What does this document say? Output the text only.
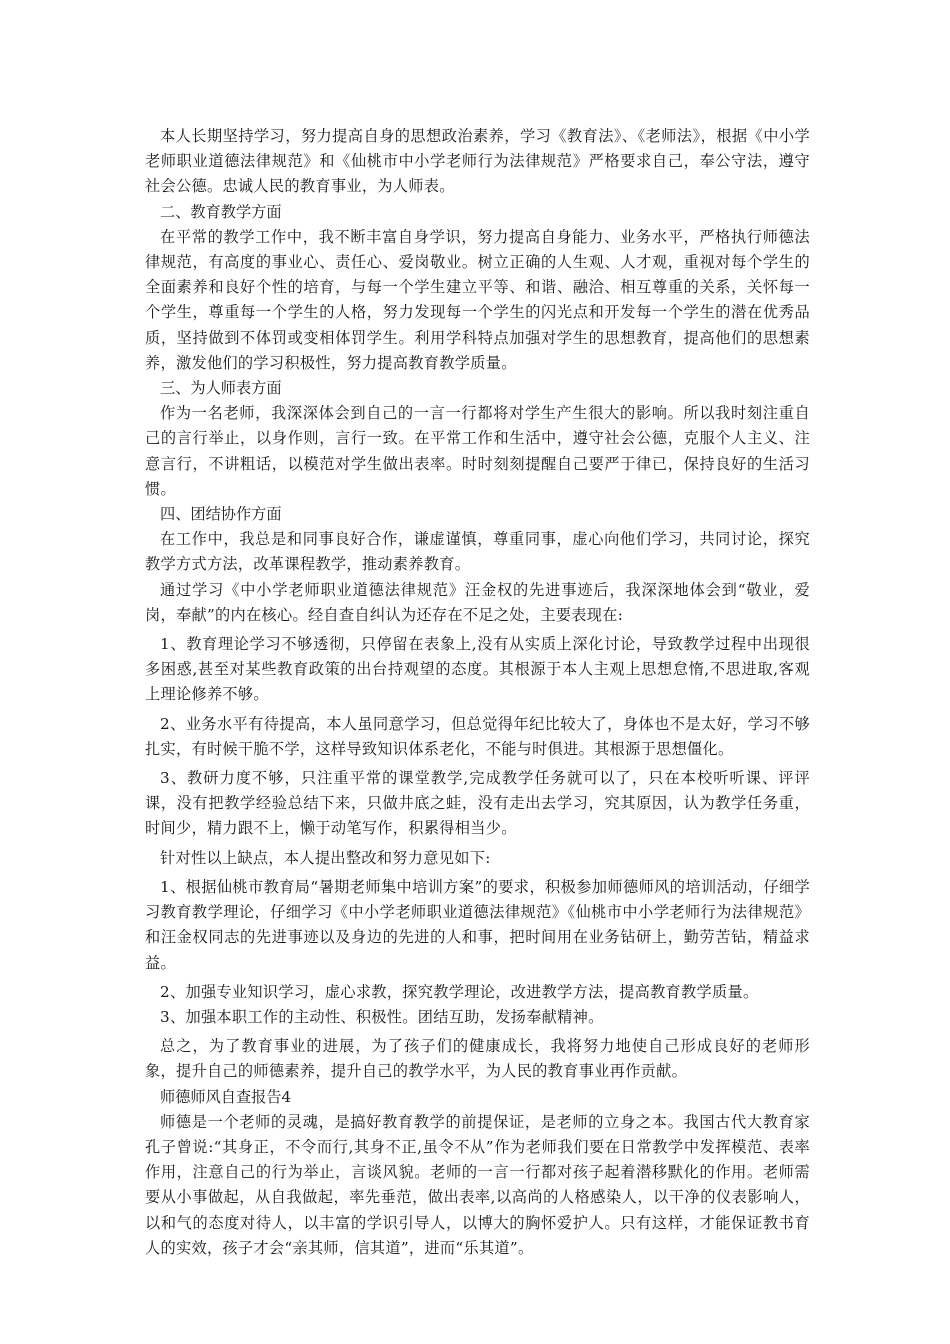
本人长期坚持学习，努力提高自身的思想政治素养，学习《教育法》、《老师法》，根据《中小学老师职业道德法律规范》和《仙桃市中小学老师行为法律规范》严格要求自己，奉公守法，遵守社会公德。忠诚人民的教育事业，为人师表。

二、教育教学方面

在平常的教学工作中，我不断丰富自身学识，努力提高自身能力、业务水平，严格执行师德法律规范，有高度的事业心、责任心、爱岗敬业。树立正确的人生观、人才观，重视对每个学生的全面素养和良好个性的培育，与每一个学生建立平等、和谐、融洽、相互尊重的关系，关怀每一个学生，尊重每一个学生的人格，努力发现每一个学生的闪光点和开发每一个学生的潜在优秀品质，坚持做到不体罚或变相体罚学生。利用学科特点加强对学生的思想教育，提高他们的思想素养，激发他们的学习积极性，努力提高教育教学质量。

三、为人师表方面

作为一名老师，我深深体会到自己的一言一行都将对学生产生很大的影响。所以我时刻注重自己的言行举止，以身作则，言行一致。在平常工作和生活中，遵守社会公德，克服个人主义、注意言行，不讲粗话，以模范对学生做出表率。时时刻刻提醒自己要严于律已，保持良好的生活习惯。

四、团结协作方面

在工作中，我总是和同事良好合作，谦虚谨慎，尊重同事，虚心向他们学习，共同讨论，探究教学方式方法，改革课程教学，推动素养教育。

通过学习《中小学老师职业道德法律规范》汪金权的先进事迹后，我深深地体会到“敬业，爱岗，奉献”的内在核心。经自查自纠认为还存在不足之处，主要表现在:

1、教育理论学习不够透彻，只停留在表象上,没有从实质上深化讨论，导致教学过程中出现很多困惑,甚至对某些教育政策的出台持观望的态度。其根源于本人主观上思想怠惰,不思进取,客观上理论修养不够。

2、业务水平有待提高，本人虽同意学习，但总觉得年纪比较大了，身体也不是太好，学习不够扎实，有时候干脆不学，这样导致知识体系老化，不能与时俱进。其根源于思想僵化。

3、教研力度不够，只注重平常的课堂教学,完成教学任务就可以了，只在本校听听课、评评课，没有把教学经验总结下来，只做井底之蛙，没有走出去学习，究其原因，认为教学任务重，时间少，精力跟不上，懒于动笔写作，积累得相当少。

针对性以上缺点，本人提出整改和努力意见如下:

1、根据仙桃市教育局“暑期老师集中培训方案”的要求，积极参加师德师风的培训活动，仔细学习教育教学理论，仔细学习《中小学老师职业道德法律规范》《仙桃市中小学老师行为法律规范》和汪金权同志的先进事迹以及身边的先进的人和事，把时间用在业务钻研上，勤劳苦钻，精益求益。

2、加强专业知识学习，虚心求教，探究教学理论，改进教学方法，提高教育教学质量。

3、加强本职工作的主动性、积极性。团结互助，发扬奉献精神。

总之，为了教育事业的进展，为了孩子们的健康成长，我将努力地使自己形成良好的老师形象，提升自己的师德素养，提升自己的教学水平，为人民的教育事业再作贡献。

师德师风自查报告4

师德是一个老师的灵魂，是搞好教育教学的前提保证，是老师的立身之本。我国古代大教育家孔子曾说:“其身正，不令而行,其身不正,虽令不从”作为老师我们要在日常教学中发挥模范、表率作用，注意自己的行为举止，言谈风貌。老师的一言一行都对孩子起着潜移默化的作用。老师需要从小事做起，从自我做起，率先垂范，做出表率,以高尚的人格感染人，以干净的仪表影响人，以和气的态度对待人，以丰富的学识引导人，以博大的胸怀爱护人。只有这样，才能保证教书育人的实效，孩子才会“亲其师，信其道”，进而“乐其道”。
